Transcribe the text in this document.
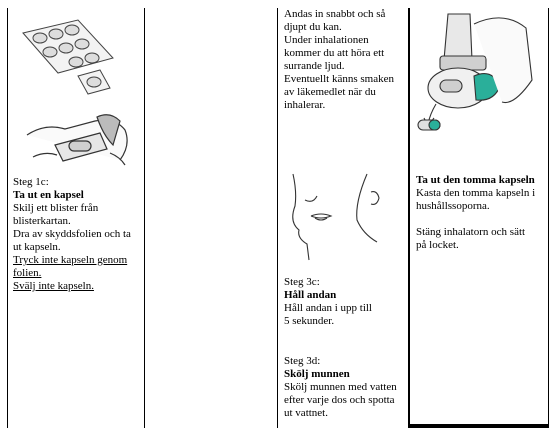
Steg 1c:
Ta ut en kapsel
Skilj ett blister från
blisterkartan.
Dra av skyddsfolien och ta
ut kapseln.
Tryck inte kapseln genom
folien.
Svälj inte kapseln.
Andas in snabbt och så
djupt du kan.
Under inhalationen
kommer du att höra ett
surrande ljud.
Eventuellt känns smaken
av läkemedlet när du
inhalerar.
Steg 3c:
Håll andan
Håll andan i upp till
5 sekunder.
Steg 3d:
Skölj munnen
Skölj munnen med vatten
efter varje dos och spotta
ut vattnet.
Ta ut den tomma kapseln
Kasta den tomma kapseln i
hushållssoporna.
Stäng inhalatorn och sätt
på locket.
